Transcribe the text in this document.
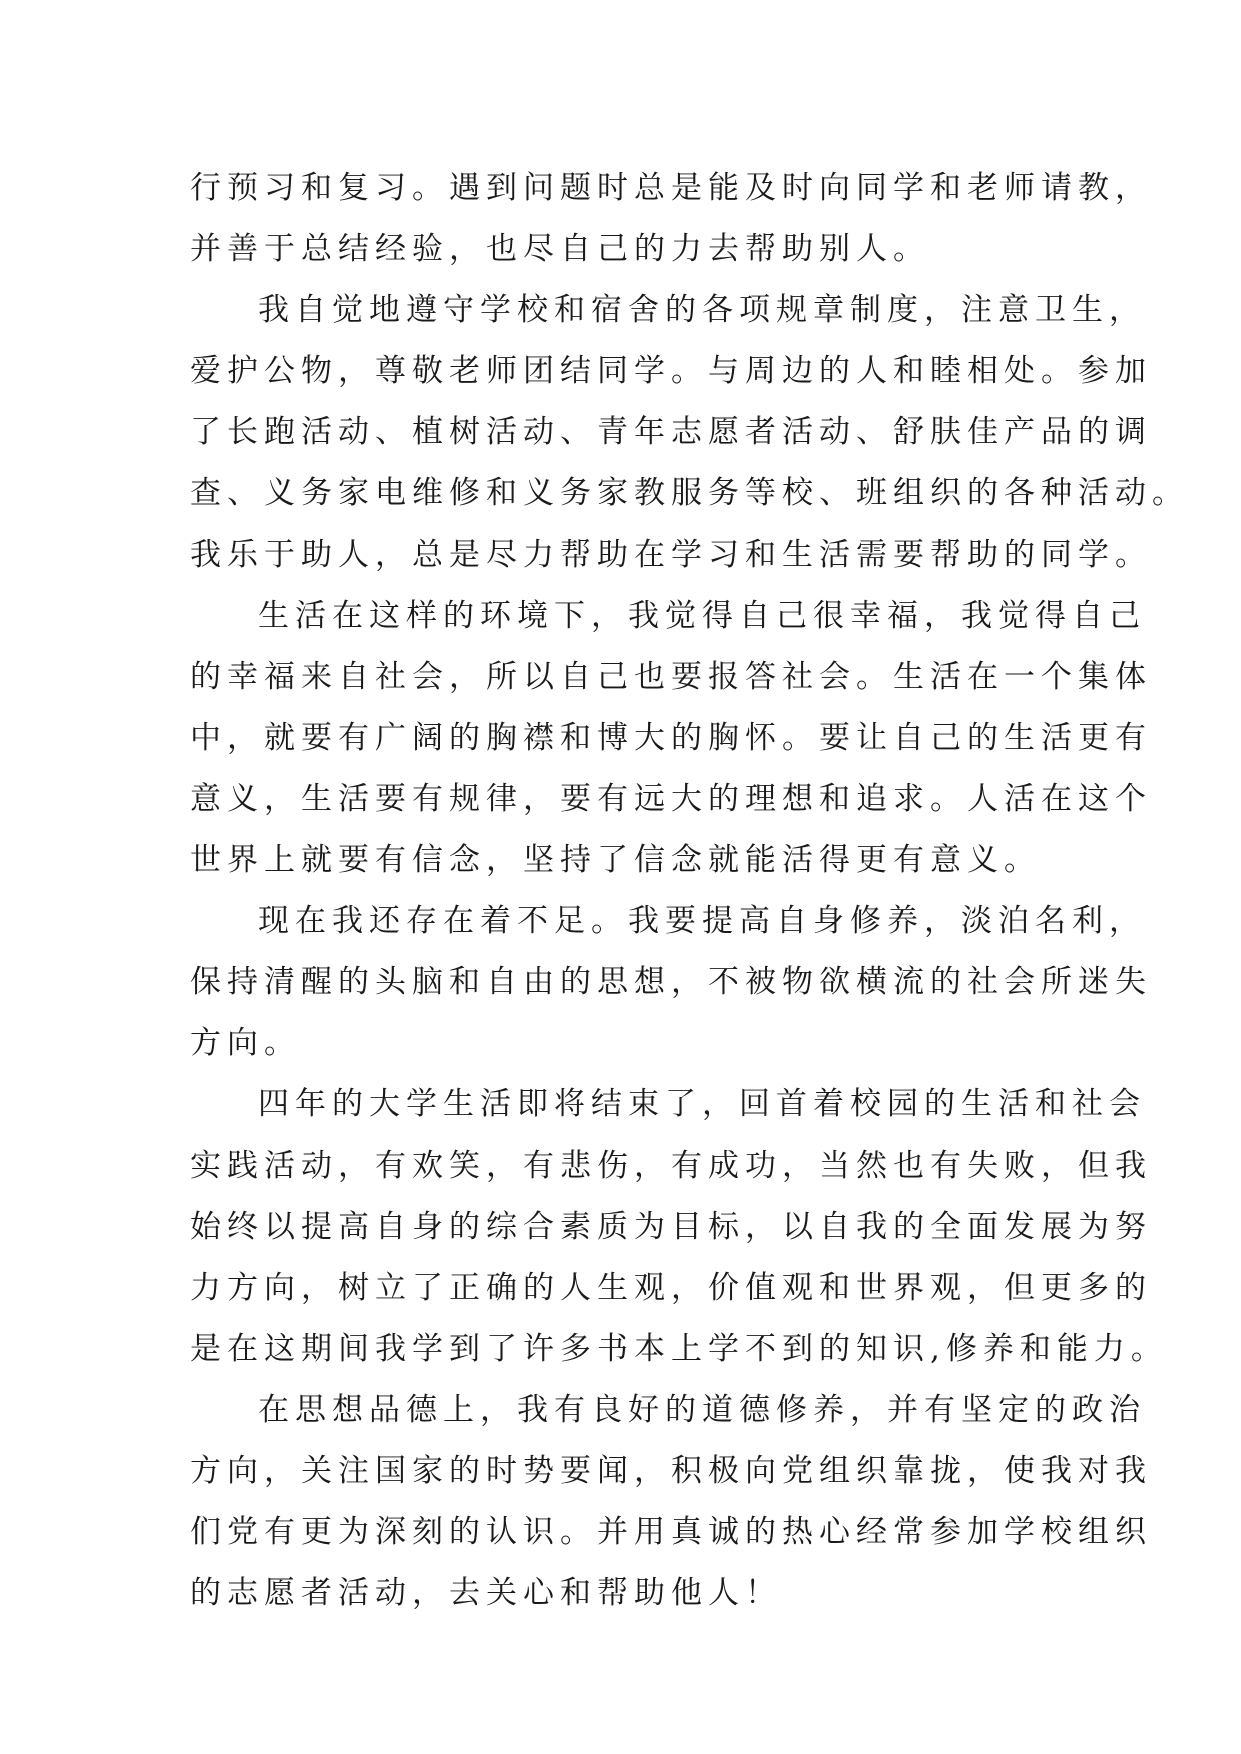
行预习和复习。遇到问题时总是能及时向同学和老师请教，
并善于总结经验，也尽自己的力去帮助别人。
我自觉地遵守学校和宿舍的各项规章制度，注意卫生，
爱护公物，尊敬老师团结同学。与周边的人和睦相处。参加
了长跑活动、植树活动、青年志愿者活动、舒肤佳产品的调
查、义务家电维修和义务家教服务等校、班组织的各种活动。
我乐于助人，总是尽力帮助在学习和生活需要帮助的同学。
生活在这样的环境下，我觉得自己很幸福，我觉得自己
的幸福来自社会，所以自己也要报答社会。生活在一个集体
中，就要有广阔的胸襟和博大的胸怀。要让自己的生活更有
意义，生活要有规律，要有远大的理想和追求。人活在这个
世界上就要有信念，坚持了信念就能活得更有意义。
现在我还存在着不足。我要提高自身修养，淡泊名利，
保持清醒的头脑和自由的思想，不被物欲横流的社会所迷失
方向。
四年的大学生活即将结束了，回首着校园的生活和社会
实践活动，有欢笑，有悲伤，有成功，当然也有失败，但我
始终以提高自身的综合素质为目标，以自我的全面发展为努
力方向，树立了正确的人生观，价值观和世界观，但更多的
是在这期间我学到了许多书本上学不到的知识,修养和能力。
在思想品德上，我有良好的道德修养，并有坚定的政治
方向，关注国家的时势要闻，积极向党组织靠拢，使我对我
们党有更为深刻的认识。并用真诚的热心经常参加学校组织
的志愿者活动，去关心和帮助他人！
